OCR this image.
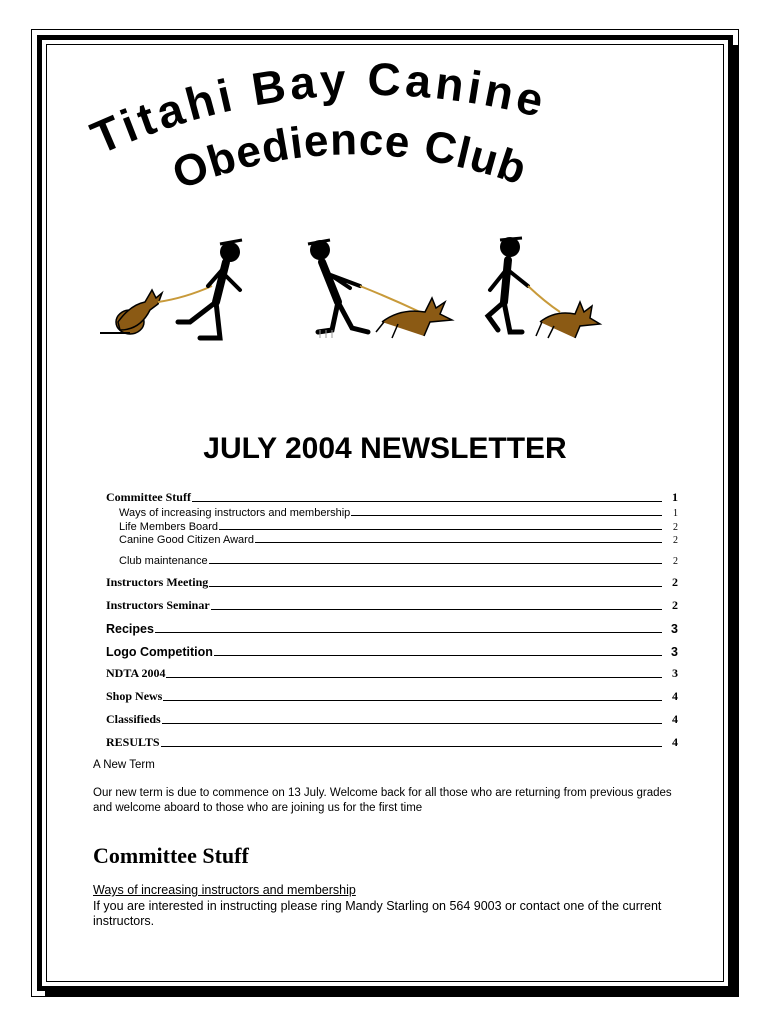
Titahi Bay Canine
Obedience Club
JULY 2004 NEWSLETTER
Committee Stuff	1
Ways of increasing instructors and membership	1
Life Members Board	2
Canine Good Citizen Award	2
Club maintenance	2
Instructors Meeting	2
Instructors Seminar	2
Recipes	3
Logo Competition	3
NDTA 2004	3
Shop News	4
Classifieds	4
RESULTS	4
A New Term
Our new term is due to commence on 13 July. Welcome back for all those who are returning from previous grades and welcome aboard to those who are joining us for the first time
Committee Stuff
Ways of increasing instructors and membership
If you are interested in instructing please ring Mandy Starling on 564 9003 or contact one of the current instructors.
